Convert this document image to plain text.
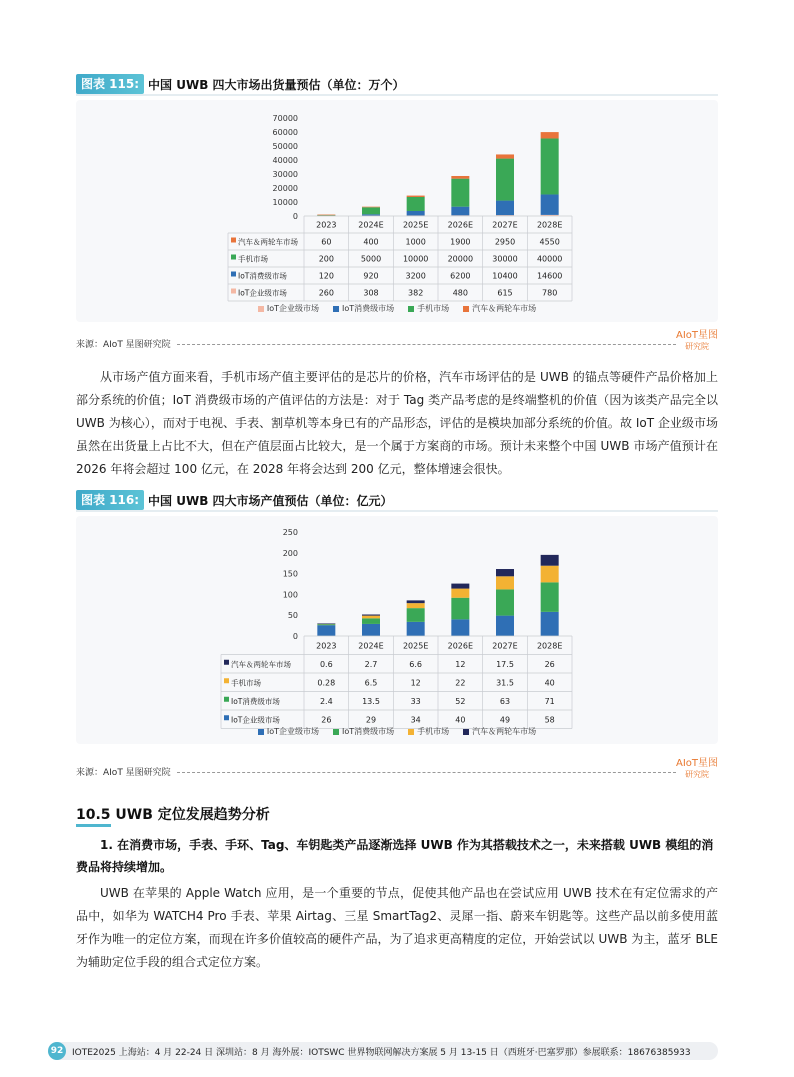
图表 115: 中国 UWB 四大市场出货量预估（单位：万个）
0
10000
20000
30000
40000
50000
60000
70000
2023	2024E 2025E 2026E 2027E 2028E
汽车＆两轮车市场	60	400	1000	1900	2950	4550
手机市场	200	5000	10000 20000 30000 40000
IoT消费级市场	120	920	3200	6200	10400 14600
IoT企业级市场	260	308	382	480	615	780
IoT企业级市场	IoT消费级市场	手机市场	汽车＆两轮车市场
来源：AIoT 星图研究院
AIoT星图
研究院
从市场产值方面来看，手机市场产值主要评估的是芯片的价格，汽车市场评估的是 UWB 的锚点等硬件产品价格加上部分系统的价值；IoT 消费级市场的产值评估的方法是：对于 Tag 类产品考虑的是终端整机的价值（因为该类产品完全以 UWB 为核心），而对于电视、手表、割草机等本身已有的产品形态，评估的是模块加部分系统的价值。故 IoT 企业级市场虽然在出货量上占比不大，但在产值层面占比较大，是一个属于方案商的市场。预计未来整个中国 UWB 市场产值预计在 2026 年将会超过 100 亿元，在 2028 年将会达到 200 亿元，整体增速会很快。
图表 116: 中国 UWB 四大市场产值预估（单位：亿元）
0
50
100
150
200
250
2023	2024E 2025E 2026E 2027E 2028E
汽车＆两轮车市场	0.6	2.7	6.6	12	17.5	26
手机市场	0.28	6.5	12	22	31.5	40
IoT消费级市场	2.4	13.5	33	52	63	71
IoT企业级市场	26	29	34	40	49	58
IoT企业级市场	IoT消费级市场	手机市场	汽车＆两轮车市场
来源：AIoT 星图研究院
AIoT星图
研究院
10.5 UWB 定位发展趋势分析
1. 在消费市场，手表、手环、Tag、车钥匙类产品逐渐选择 UWB 作为其搭载技术之一，未来搭载 UWB 模组的消费品将持续增加。
UWB 在苹果的 Apple Watch 应用，是一个重要的节点，促使其他产品也在尝试应用 UWB 技术在有定位需求的产品中，如华为 WATCH4 Pro 手表、苹果 Airtag、三星 SmartTag2、灵犀一指、蔚来车钥匙等。这些产品以前多使用蓝牙作为唯一的定位方案，而现在许多价值较高的硬件产品，为了追求更高精度的定位，开始尝试以 UWB 为主，蓝牙 BLE 为辅助定位手段的组合式定位方案。
92 IOTE2025 上海站：4 月 22-24 日 深圳站：8 月 海外展：IOTSWC 世界物联网解决方案展 5 月 13-15 日（西班牙·巴塞罗那）参展联系：18676385933
